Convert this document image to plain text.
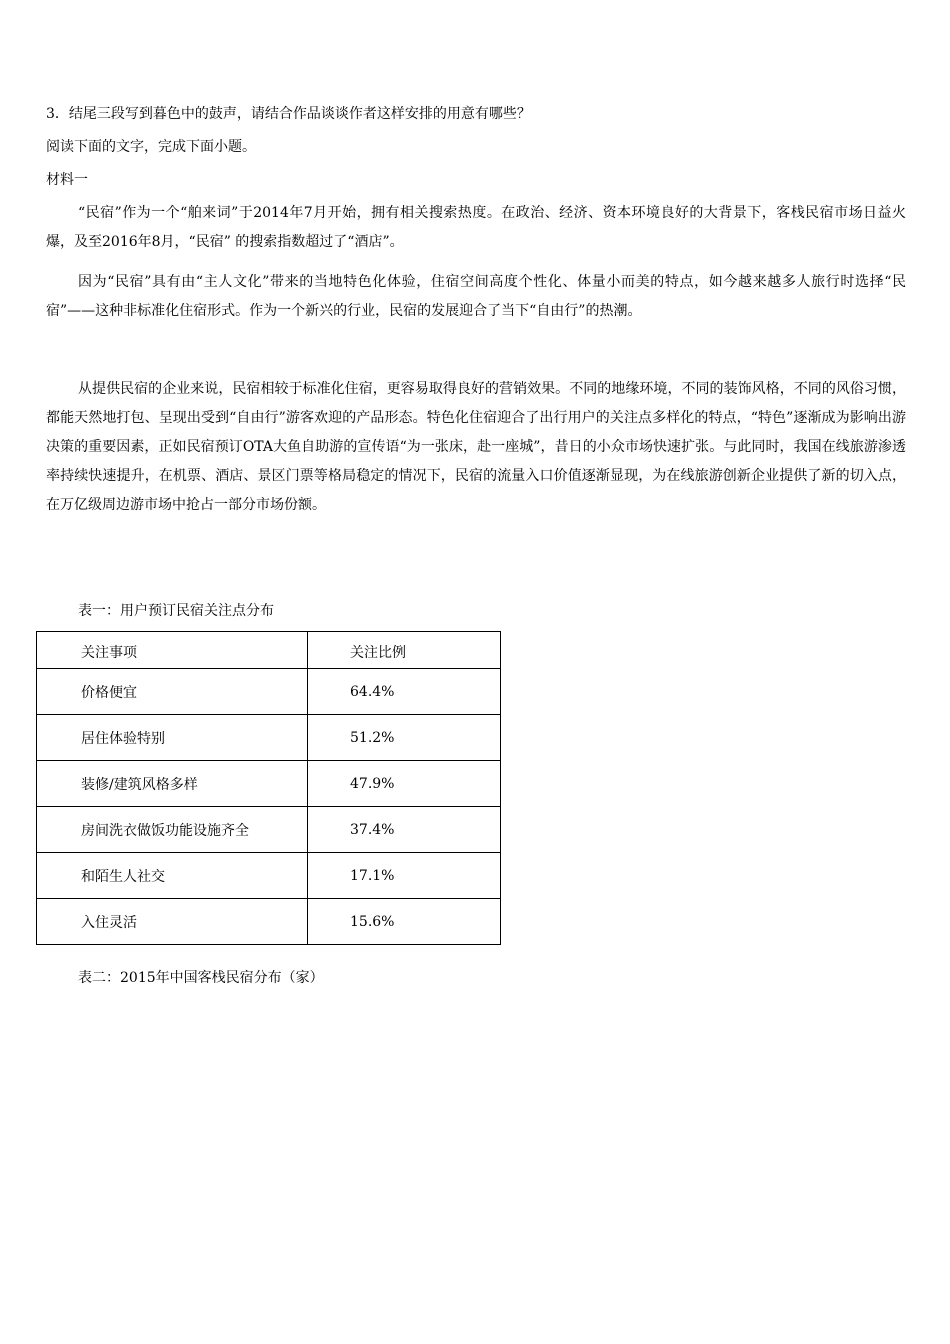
3．结尾三段写到暮色中的鼓声，请结合作品谈谈作者这样安排的用意有哪些？
阅读下面的文字，完成下面小题。
材料一

“民宿”作为一个“舶来词”于2014年7月开始，拥有相关搜索热度。在政治、经济、资本环境良好的大背景下，客栈民宿市场日益火爆，及至2016年8月，“民宿” 的搜索指数超过了“酒店”。

因为“民宿”具有由“主人文化”带来的当地特色化体验，住宿空间高度个性化、体量小而美的特点，如今越来越多人旅行时选择“民宿”——这种非标准化住宿形式。作为一个新兴的行业，民宿的发展迎合了当下“自由行”的热潮。

从提供民宿的企业来说，民宿相较于标准化住宿，更容易取得良好的营销效果。不同的地缘环境，不同的装饰风格，不同的风俗习惯，都能天然地打包、呈现出受到“自由行”游客欢迎的产品形态。特色化住宿迎合了出行用户的关注点多样化的特点，“特色”逐渐成为影响出游决策的重要因素，正如民宿预订OTA大鱼自助游的宣传语“为一张床，赴一座城”，昔日的小众市场快速扩张。与此同时，我国在线旅游渗透率持续快速提升，在机票、酒店、景区门票等格局稳定的情况下，民宿的流量入口价值逐渐显现，为在线旅游创新企业提供了新的切入点，在万亿级周边游市场中抢占一部分市场份额。

表一：用户预订民宿关注点分布
关注事项	关注比例
价格便宜	64.4%
居住体验特别	51.2%
装修/建筑风格多样	47.9%
房间洗衣做饭功能设施齐全	37.4%
和陌生人社交	17.1%
入住灵活	15.6%
表二：2015年中国客栈民宿分布（家）
